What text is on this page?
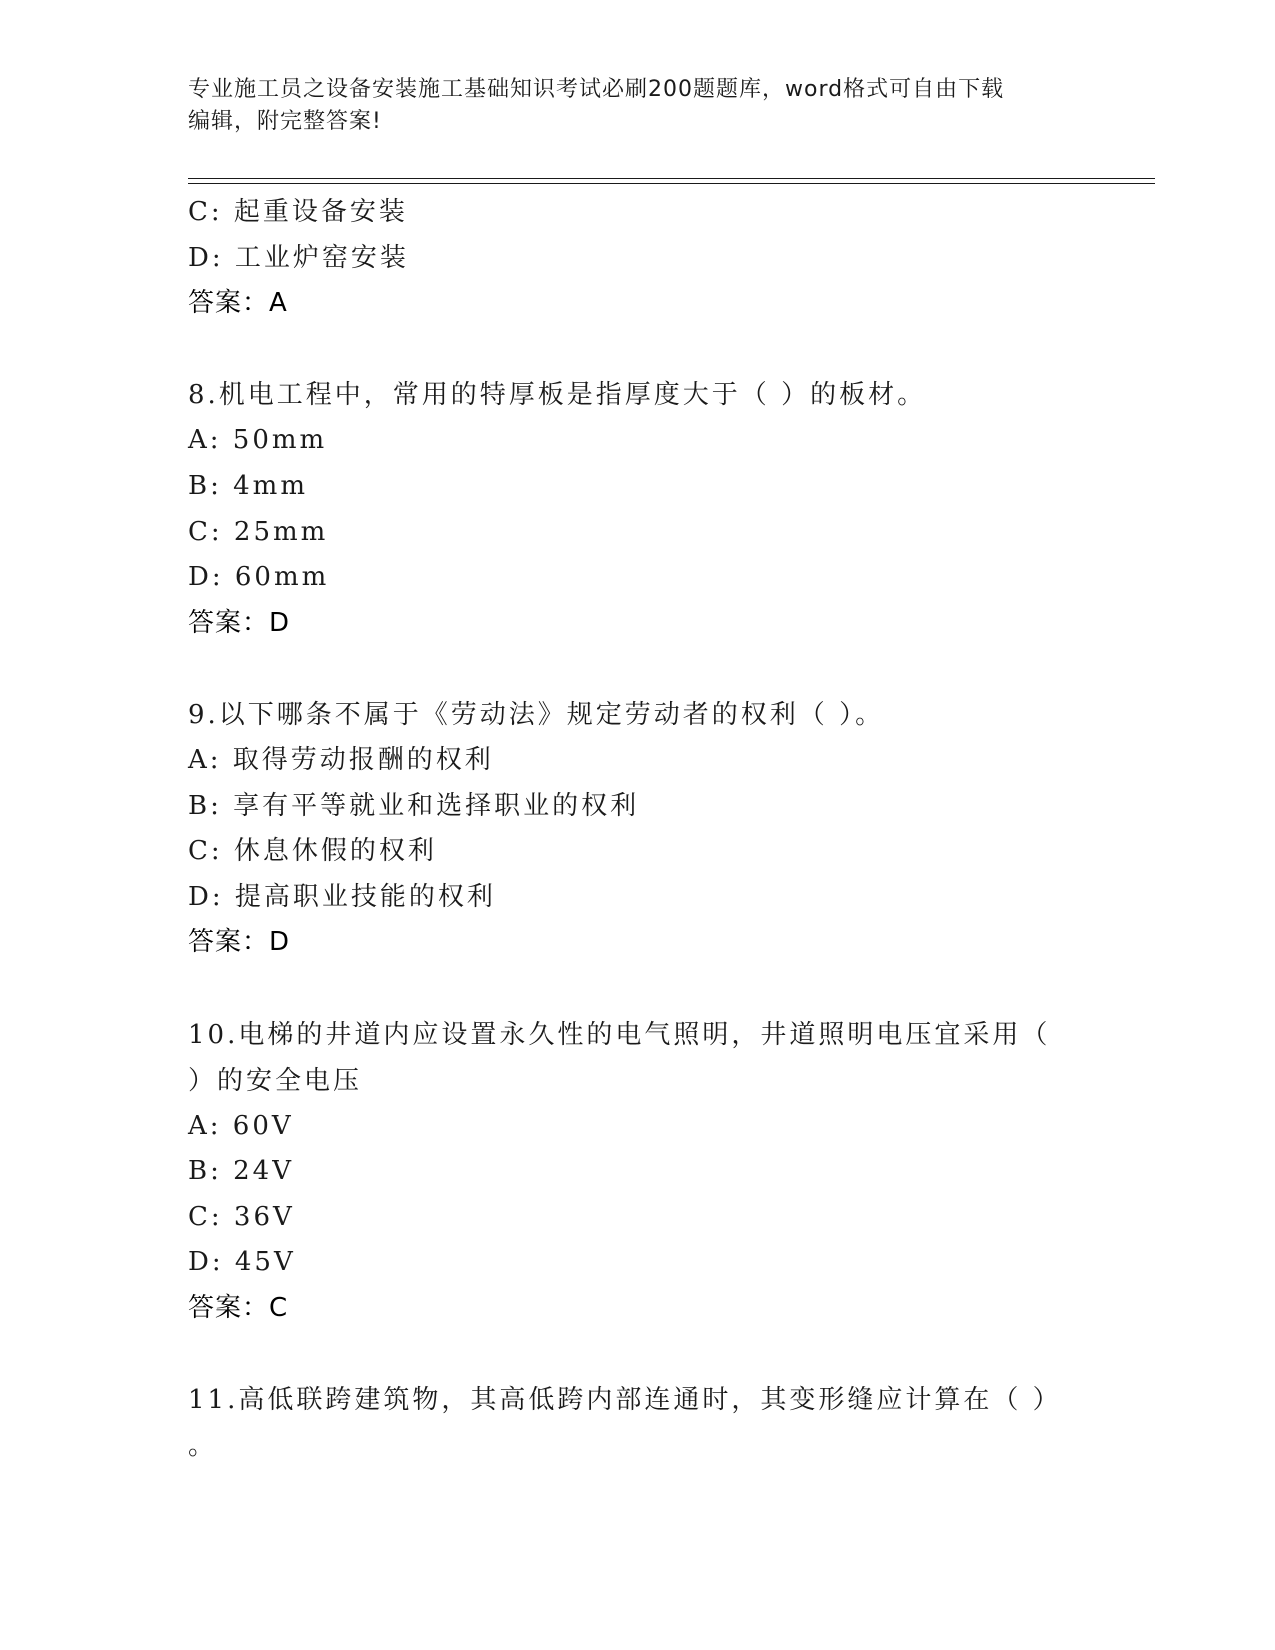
专业施工员之设备安装施工基础知识考试必刷200题题库，word格式可自由下载
编辑，附完整答案!
C: 起重设备安装
D: 工业炉窑安装
答案：A
8.机电工程中，常用的特厚板是指厚度大于（ ）的板材。
A: 50mm
B: 4mm
C: 25mm
D: 60mm
答案：D
9.以下哪条不属于《劳动法》规定劳动者的权利（ ）。
A: 取得劳动报酬的权利
B: 享有平等就业和选择职业的权利
C: 休息休假的权利
D: 提高职业技能的权利
答案：D
10.电梯的井道内应设置永久性的电气照明，井道照明电压宜采用（
）的安全电压
A: 60V
B: 24V
C: 36V
D: 45V
答案：C
11.高低联跨建筑物，其高低跨内部连通时，其变形缝应计算在（ ）
。
